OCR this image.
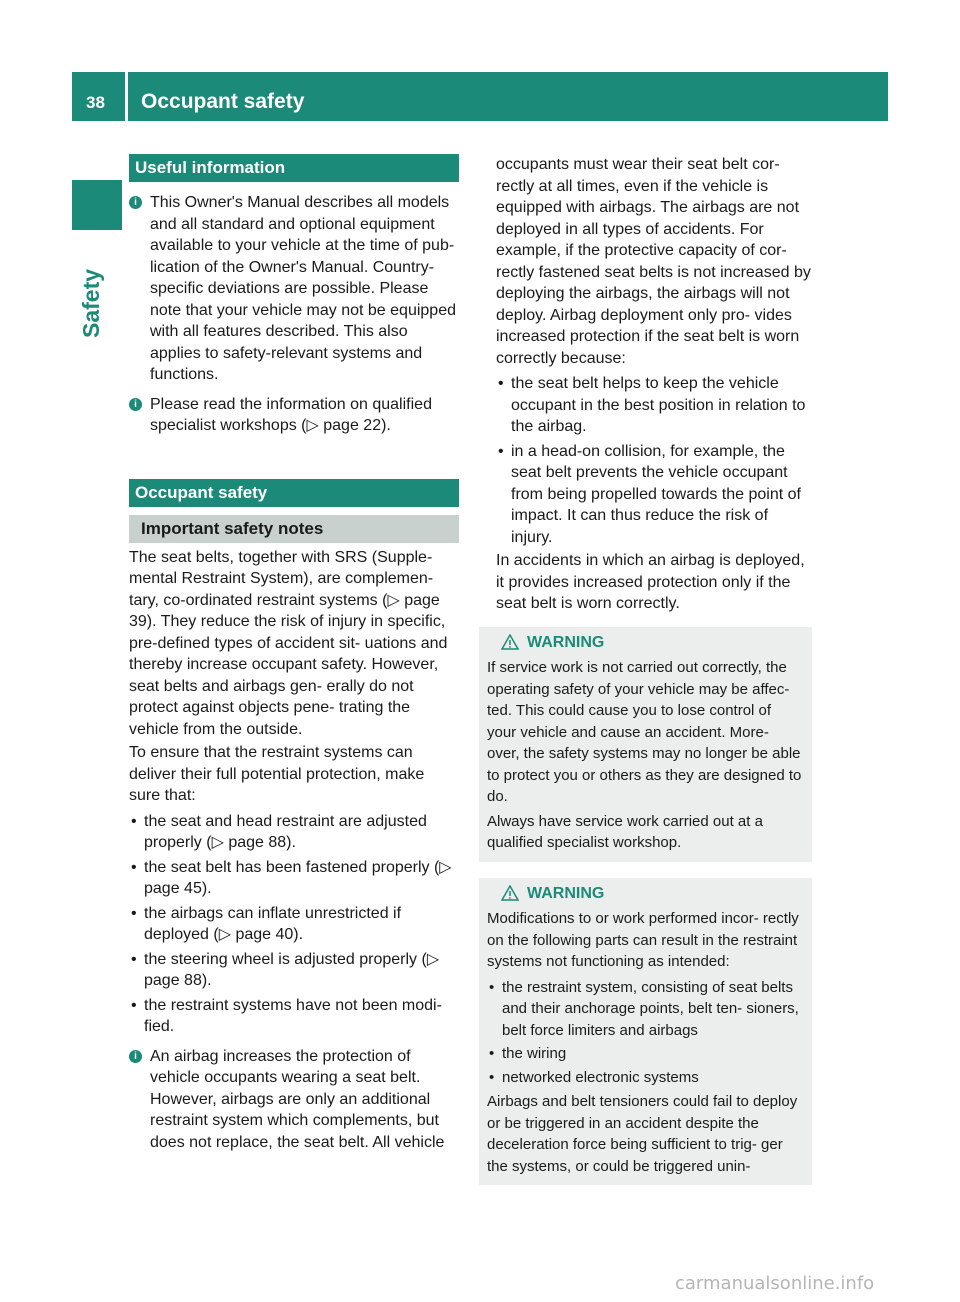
38 Occupant safety
Safety
Useful information
i This Owner's Manual describes all models and all standard and optional equipment available to your vehicle at the time of pub- lication of the Owner's Manual. Country- specific deviations are possible. Please note that your vehicle may not be equipped with all features described. This also applies to safety-relevant systems and functions.

i Please read the information on qualified specialist workshops (▷ page 22).

Occupant safety
Important safety notes

The seat belts, together with SRS (Supple- mental Restraint System), are complemen- tary, co-ordinated restraint systems (▷ page 39). They reduce the risk of injury in specific, pre-defined types of accident sit- uations and thereby increase occupant safety. However, seat belts and airbags gen- erally do not protect against objects pene- trating the vehicle from the outside.

To ensure that the restraint systems can deliver their full potential protection, make sure that:

• the seat and head restraint are adjusted properly (▷ page 88).
• the seat belt has been fastened properly (▷ page 45).
• the airbags can inflate unrestricted if deployed (▷ page 40).
• the steering wheel is adjusted properly (▷ page 88).
• the restraint systems have not been modi- fied.
i An airbag increases the protection of vehicle occupants wearing a seat belt. However, airbags are only an additional restraint system which complements, but does not replace, the seat belt. All vehicle

occupants must wear their seat belt cor- rectly at all times, even if the vehicle is equipped with airbags. The airbags are not deployed in all types of accidents. For example, if the protective capacity of cor- rectly fastened seat belts is not increased by deploying the airbags, the airbags will not deploy. Airbag deployment only pro- vides increased protection if the seat belt is worn correctly because:

• the seat belt helps to keep the vehicle occupant in the best position in relation to the airbag.
• in a head-on collision, for example, the seat belt prevents the vehicle occupant from being propelled towards the point of impact. It can thus reduce the risk of injury.

In accidents in which an airbag is deployed, it provides increased protection only if the seat belt is worn correctly.

WARNING

If service work is not carried out correctly, the operating safety of your vehicle may be affec- ted. This could cause you to lose control of your vehicle and cause an accident. More- over, the safety systems may no longer be able to protect you or others as they are designed to do.

Always have service work carried out at a qualified specialist workshop.

WARNING

Modifications to or work performed incor- rectly on the following parts can result in the restraint systems not functioning as intended:

• the restraint system, consisting of seat belts and their anchorage points, belt ten- sioners, belt force limiters and airbags
• the wiring
• networked electronic systems

Airbags and belt tensioners could fail to deploy or be triggered in an accident despite the deceleration force being sufficient to trig- ger the systems, or could be triggered unin-

carmanualsonline.info
